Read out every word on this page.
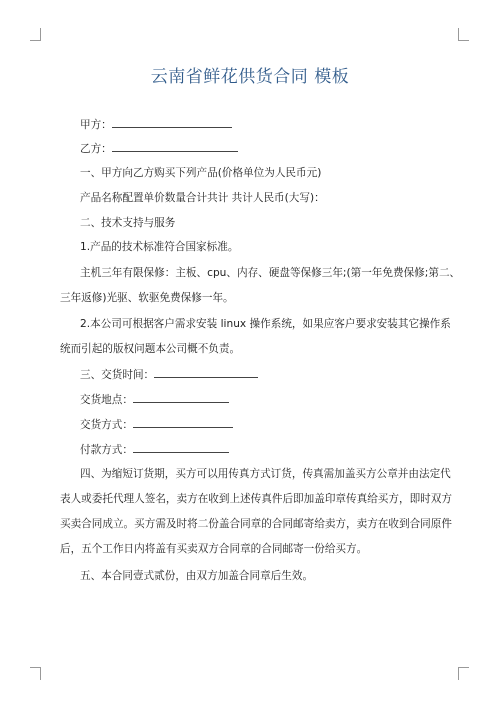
云南省鲜花供货合同 模板
甲方：
乙方：
一、甲方向乙方购买下列产品(价格单位为人民币元)
产品名称配置单价数量合计共计 共计人民币(大写)：
二、技术支持与服务
1.产品的技术标准符合国家标准。
主机三年有限保修：主板、cpu、内存、硬盘等保修三年;(第一年免费保修;第二、
三年返修)光驱、软驱免费保修一年。
2.本公司可根据客户需求安装 linux 操作系统，如果应客户要求安装其它操作系
统而引起的版权问题本公司概不负责。
三、交货时间：
交货地点：
交货方式：
付款方式：
四、为缩短订货期，买方可以用传真方式订货，传真需加盖买方公章并由法定代
表人或委托代理人签名，卖方在收到上述传真件后即加盖印章传真给买方，即时双方
买卖合同成立。买方需及时将二份盖合同章的合同邮寄给卖方，卖方在收到合同原件
后，五个工作日内将盖有买卖双方合同章的合同邮寄一份给买方。
五、本合同壹式贰份，由双方加盖合同章后生效。
